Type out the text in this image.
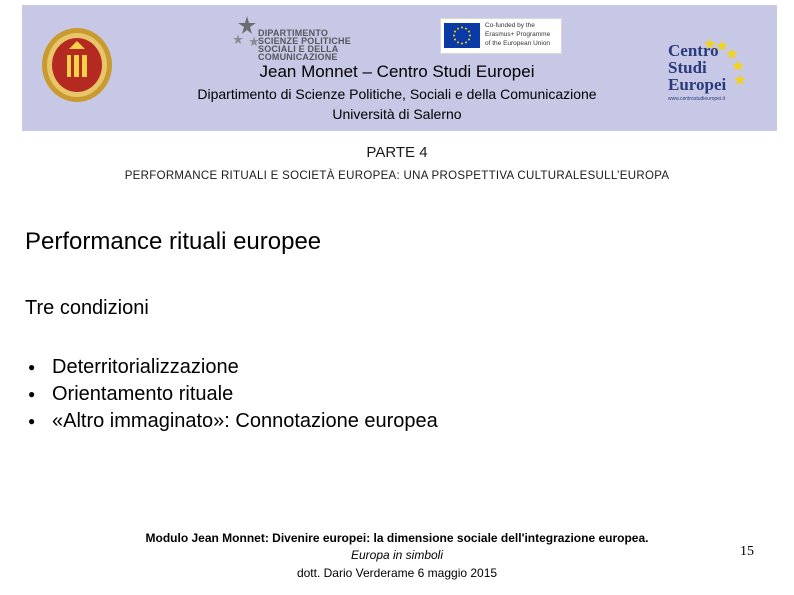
DIPARTIMENTO
SCIENZE POLITICHE
SOCIALI E DELLA COMUNICAZIONE
Co-funded by the
Erasmus+ Programme
of the European Union	Centro
Studi
Europei
www.centrostudieuropei.it
Jean Monnet – Centro Studi Europei
Dipartimento di Scienze Politiche, Sociali e della Comunicazione
Università di Salerno
PARTE 4
PERFORMANCE RITUALI E SOCIETÀ EUROPEA: UNA PROSPETTIVA CULTURALESULL’EUROPA
Performance rituali europee
Tre condizioni
● Deterritorializzazione
● Orientamento rituale
● «Altro immaginato»: Connotazione europea
Modulo Jean Monnet: Divenire europei: la dimensione sociale dell'integrazione europea.
Europa in simboli
dott. Dario Verderame 6 maggio 2015
15
